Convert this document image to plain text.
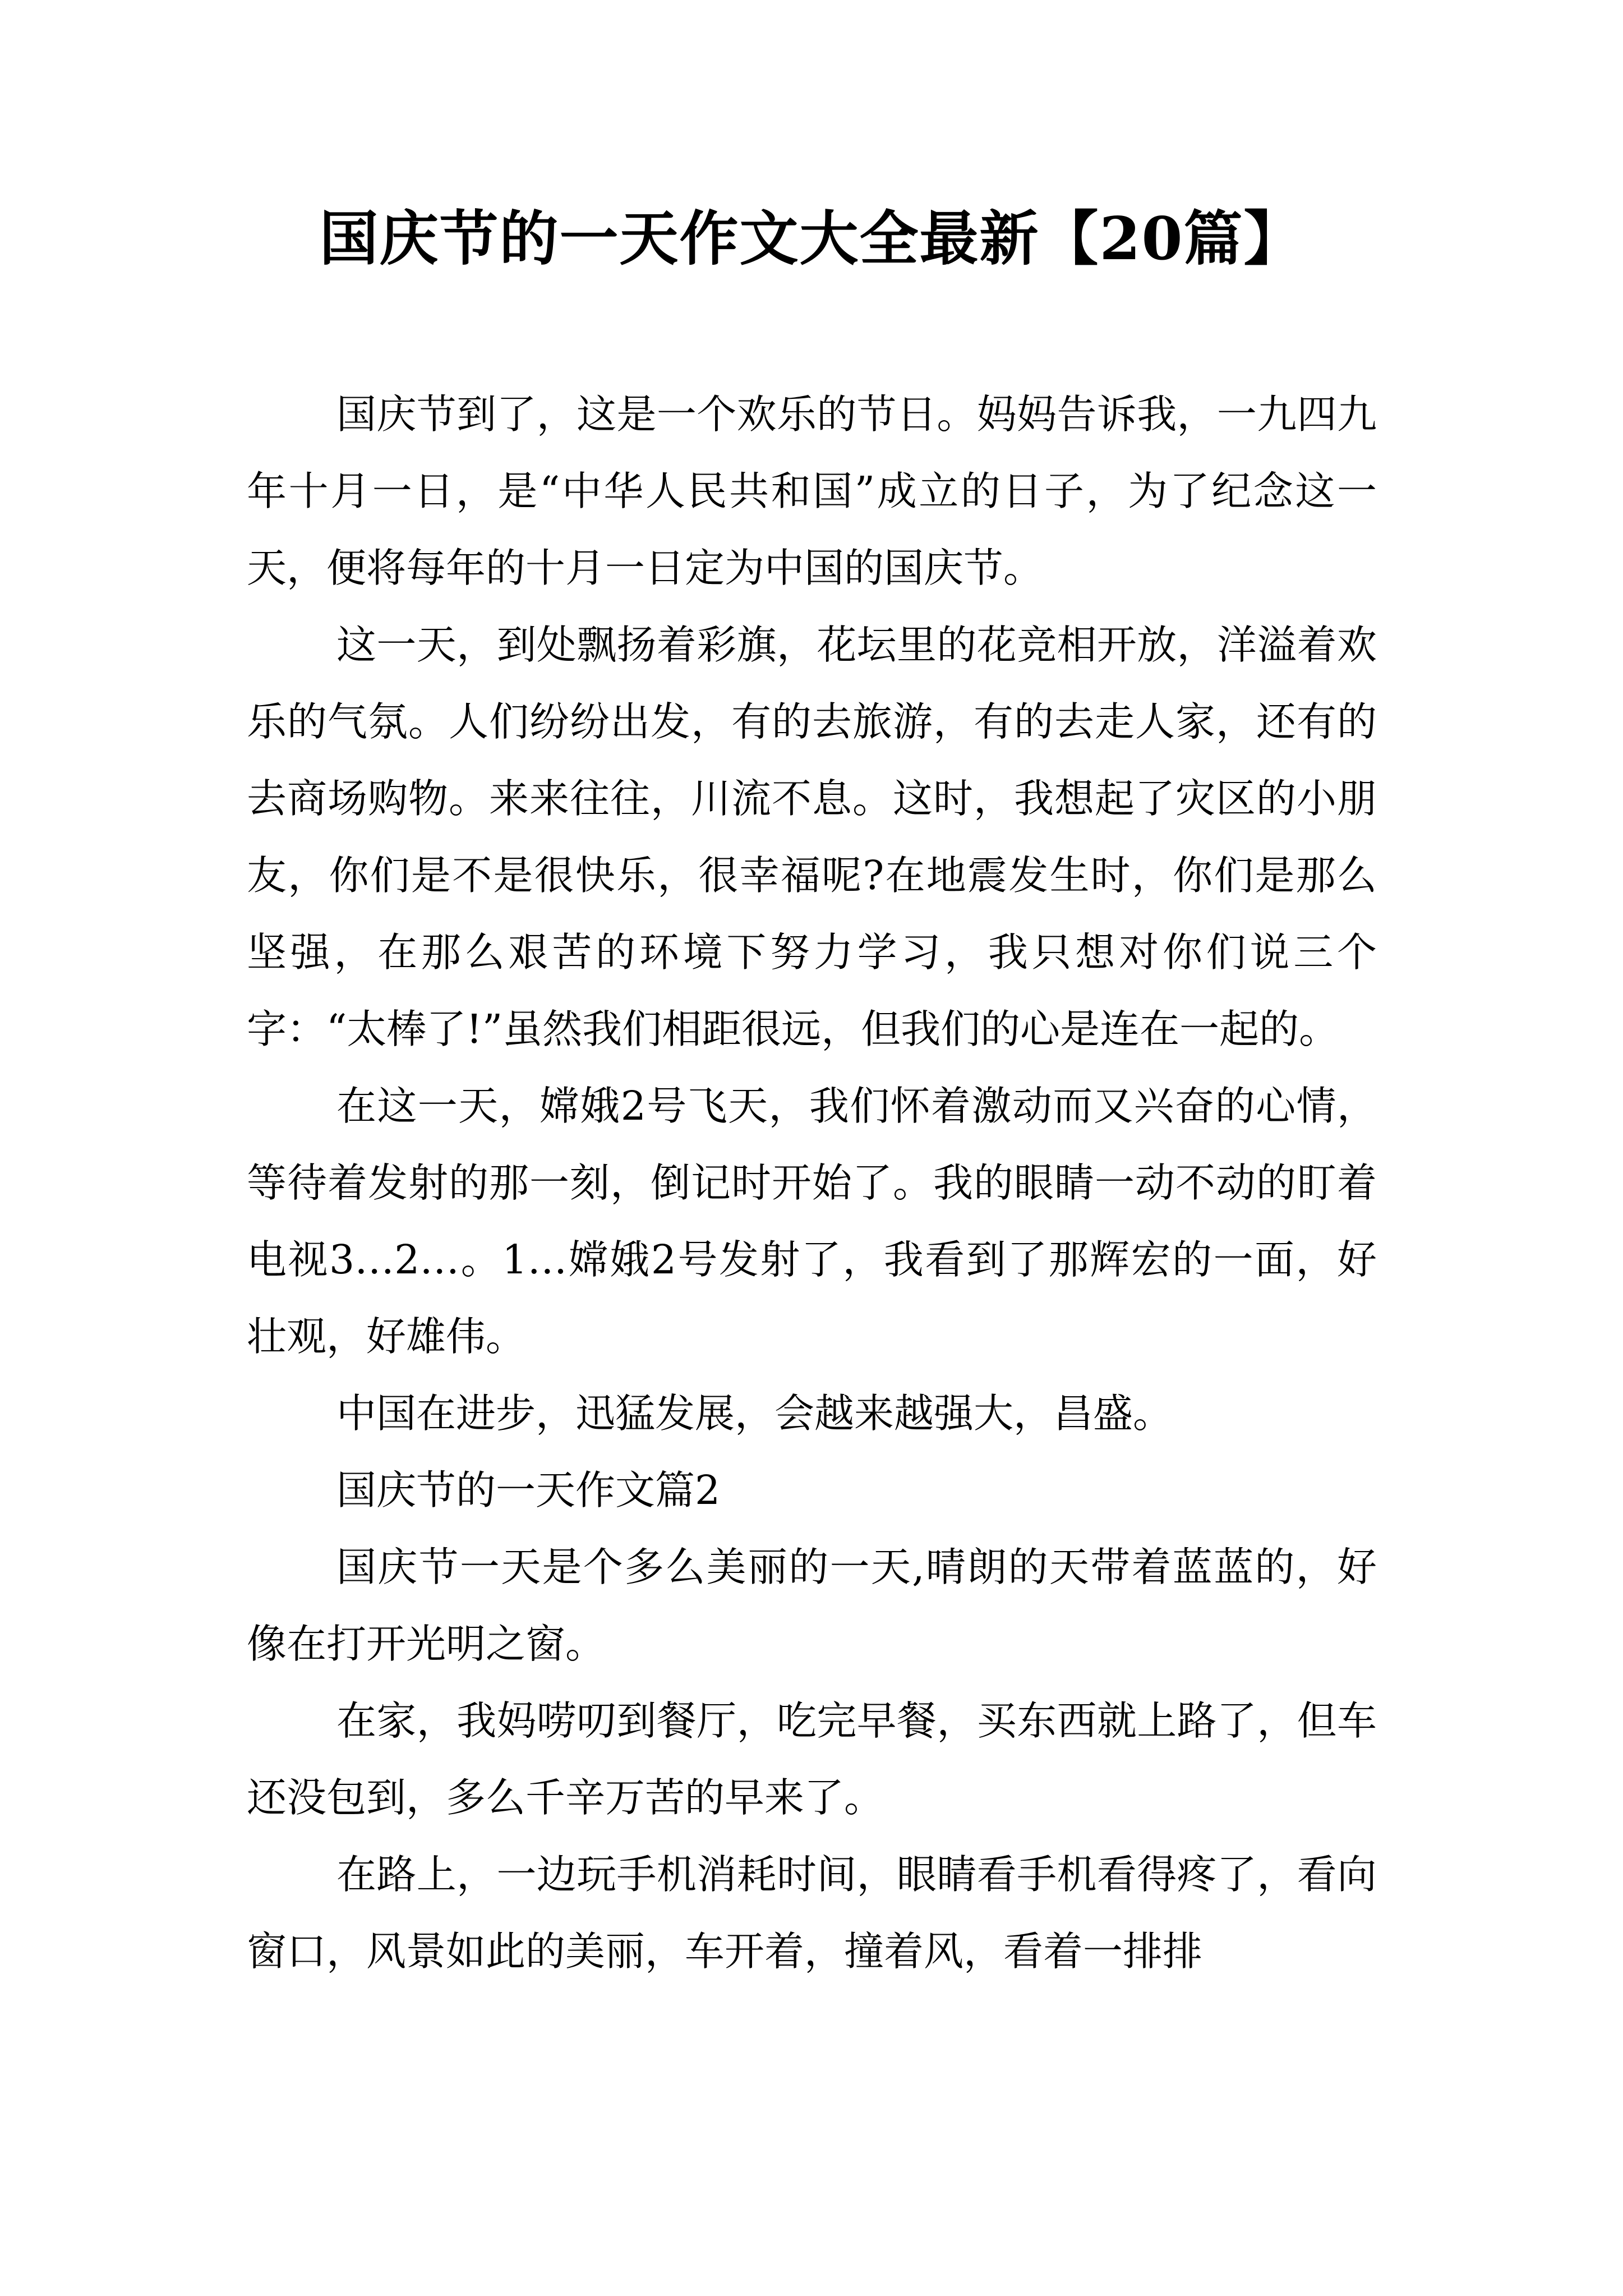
国庆节的一天作文大全最新【20篇】

国庆节到了，这是一个欢乐的节日。妈妈告诉我，一九四九年十月一日，是“中华人民共和国”成立的日子，为了纪念这一天，便将每年的十月一日定为中国的国庆节。

这一天，到处飘扬着彩旗，花坛里的花竞相开放，洋溢着欢乐的气氛。人们纷纷出发，有的去旅游，有的去走人家，还有的去商场购物。来来往往，川流不息。这时，我想起了灾区的小朋友，你们是不是很快乐，很幸福呢?在地震发生时，你们是那么坚强，在那么艰苦的环境下努力学习，我只想对你们说三个字：“太棒了!”虽然我们相距很远，但我们的心是连在一起的。

在这一天，嫦娥2号飞天，我们怀着激动而又兴奋的心情，等待着发射的那一刻，倒记时开始了。我的眼睛一动不动的盯着电视3…2…。1…嫦娥2号发射了，我看到了那辉宏的一面，好壮观，好雄伟。

中国在进步，迅猛发展，会越来越强大，昌盛。

国庆节的一天作文篇2

国庆节一天是个多么美丽的一天,晴朗的天带着蓝蓝的，好像在打开光明之窗。

在家，我妈唠叨到餐厅，吃完早餐，买东西就上路了，但车还没包到，多么千辛万苦的早来了。

在路上，一边玩手机消耗时间，眼睛看手机看得疼了，看向窗口，风景如此的美丽，车开着，撞着风，看着一排排
